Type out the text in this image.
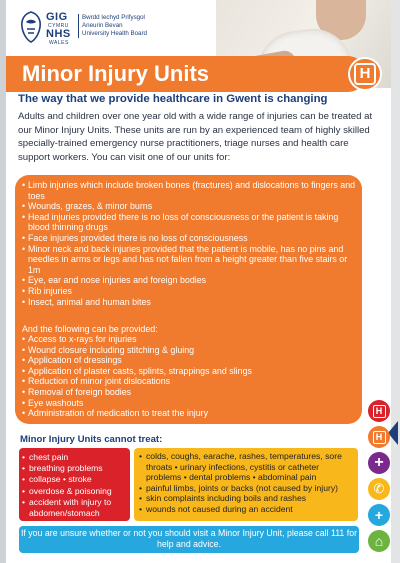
GIG
CYMRU
NHS
WALES
Bwrdd Iechyd Prifysgol
Aneurin Bevan
University Health Board
Minor Injury Units	H
The way that we provide healthcare in Gwent is changing
Adults and children over one year old with a wide range of injuries can be treated at our Minor Injury Units. These units are run by an experienced team of highly skilled specially-trained emergency nurse practitioners, triage nurses and health care support workers. You can visit one of our units for:
• Limb injuries which include broken bones (fractures) and dislocations to fingers and toes
• Wounds, grazes, & minor burns
• Head injuries provided there is no loss of consciousness or the patient is taking blood thinning drugs
• Face injuries provided there is no loss of consciousness
• Minor neck and back injuries provided that the patient is mobile, has no pins and needles in arms or legs and has not fallen from a height greater than five stairs or 1m
• Eye, ear and nose injuries and foreign bodies
• Rib injuries
• Insect, animal and human bites
And the following can be provided:
• Access to x-rays for injuries
• Wound closure including stitching & gluing
• Application of dressings
• Application of plaster casts, splints, strappings and slings
• Reduction of minor joint dislocations
• Removal of foreign bodies
• Eye washouts
• Administration of medication to treat the injury
Minor Injury Units cannot treat:
• chest pain
• breathing problems
• collapse • stroke
• overdose & poisoning
• accident with injury to abdomen/stomach
• colds, coughs, earache, rashes, temperatures, sore throats • urinary infections, cystitis or catheter problems • dental problems • abdominal pain
• painful limbs, joints or backs (not caused by injury)
• skin complaints including boils and rashes
• wounds not caused during an accident
If you are unsure whether or not you should visit a Minor Injury Unit, please call 111 for help and advice.
H
H
+
✆
+
⌂
